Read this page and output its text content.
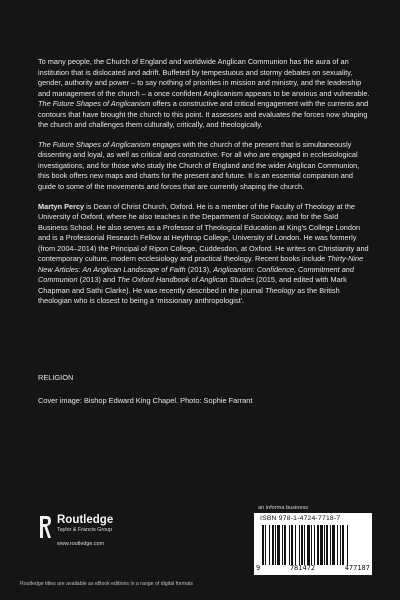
To many people, the Church of England and worldwide Anglican Communion has the aura of an institution that is dislocated and adrift. Buffeted by tempestuous and stormy debates on sexuality, gender, authority and power – to say nothing of priorities in mission and ministry, and the leadership and management of the church – a once confident Anglicanism appears to be anxious and vulnerable. The Future Shapes of Anglicanism offers a constructive and critical engagement with the currents and contours that have brought the church to this point. It assesses and evaluates the forces now shaping the church and challenges them culturally, critically, and theologically.

The Future Shapes of Anglicanism engages with the church of the present that is simultaneously dissenting and loyal, as well as critical and constructive. For all who are engaged in ecclesiological investigations, and for those who study the Church of England and the wider Anglican Communion, this book offers new maps and charts for the present and future. It is an essential companion and guide to some of the movements and forces that are currently shaping the church.

Martyn Percy is Dean of Christ Church, Oxford. He is a member of the Faculty of Theology at the University of Oxford, where he also teaches in the Department of Sociology, and for the Saïd Business School. He also serves as a Professor of Theological Education at King's College London and is a Professorial Research Fellow at Heythrop College, University of London. He was formerly (from 2004–2014) the Principal of Ripon College, Cuddesdon, at Oxford. He writes on Christianity and contemporary culture, modern ecclesiology and practical theology. Recent books include Thirty-Nine New Articles: An Anglican Landscape of Faith (2013), Anglicanism: Confidence, Commitment and Communion (2013) and The Oxford Handbook of Anglican Studies (2015, and edited with Mark Chapman and Sathi Clarke). He was recently described in the journal Theology as the British theologian who is closest to being a 'missionary anthropologist'.

RELIGION
Cover image: Bishop Edward King Chapel. Photo: Sophie Farrant
Routledge
Taylor & Francis Group
www.routledge.com
Routledge titles are available as eBook editions in a range of digital formats
an informa business
ISBN 978-1-4724-7718-7
9	781472	477187
